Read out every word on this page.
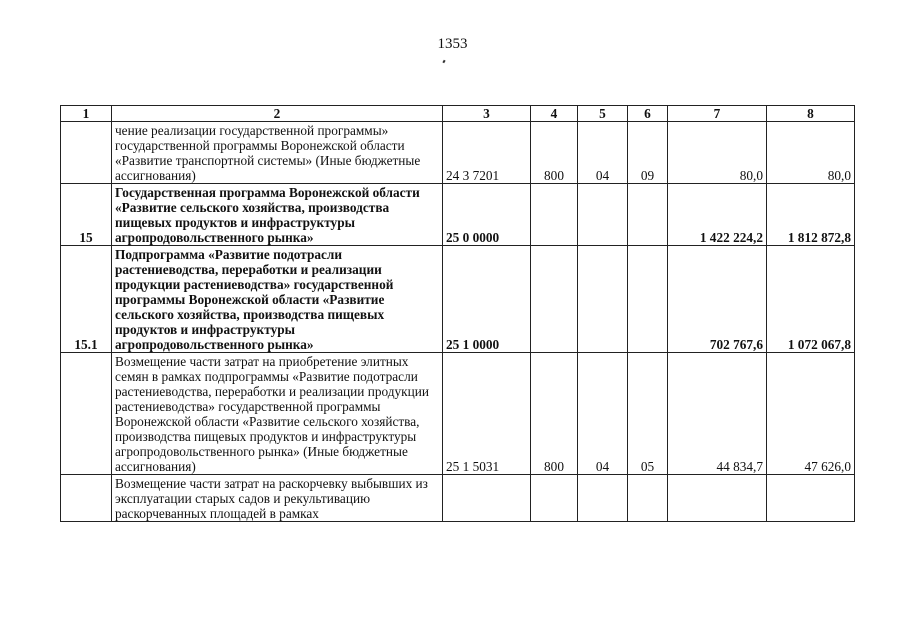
1353
1	2	3	4	5	6	7	8
	чение реализации государственной программы» государственной программы Воронежской области «Развитие транспортной системы» (Иные бюджетные ассигнования)	24 3 7201	800	04	09	80,0	80,0
15	Государственная программа Воронежской области «Развитие сельского хозяйства, производства пищевых продуктов и инфраструктуры агропродовольственного рынка»	25 0 0000				1 422 224,2	1 812 872,8
15.1	Подпрограмма «Развитие подотрасли растениеводства, переработки и реализации продукции растениеводства» государственной программы Воронежской области «Развитие сельского хозяйства, производства пищевых продуктов и инфраструктуры агропродовольственного рынка»	25 1 0000				702 767,6	1 072 067,8
	Возмещение части затрат на приобретение элитных семян в рамках подпрограммы «Развитие подотрасли растениеводства, переработки и реализации продукции растениеводства» государственной программы Воронежской области «Развитие сельского хозяйства, производства пищевых продуктов и инфраструктуры агропродовольственного рынка» (Иные бюджетные ассигнования)	25 1 5031	800	04	05	44 834,7	47 626,0
	Возмещение части затрат на раскорчевку выбывших из эксплуатации старых садов и рекультивацию раскорчеванных площадей в рамках						
